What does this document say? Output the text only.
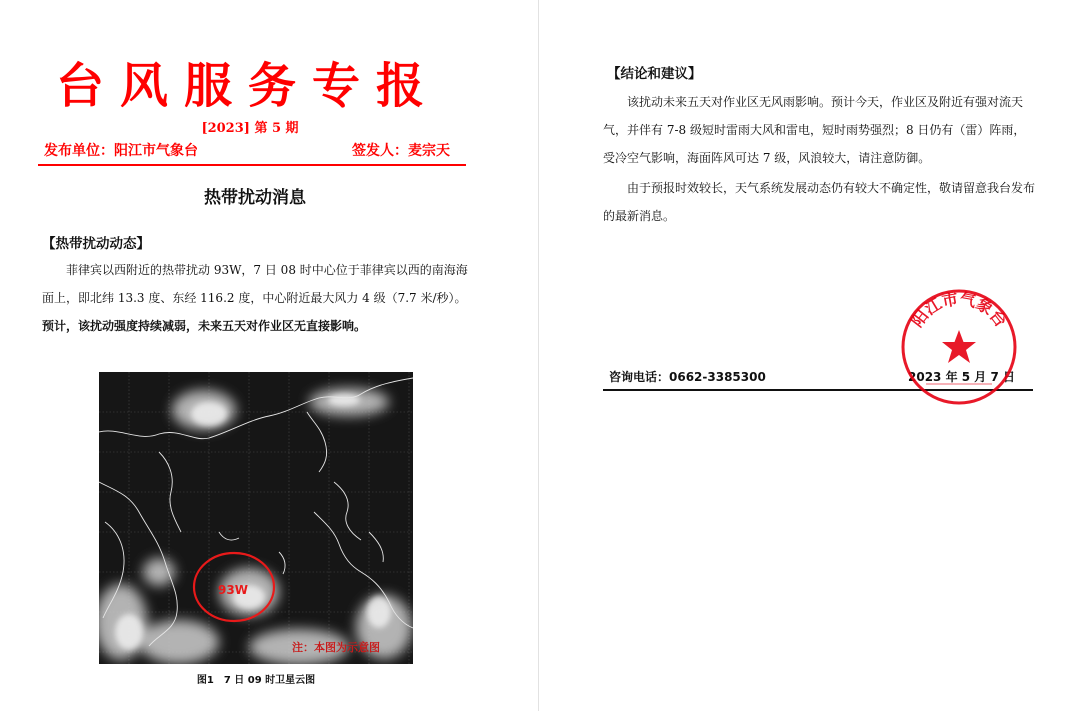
台风服务专报
[2023] 第 5 期
发布单位：阳江市气象台	签发人：麦宗天
热带扰动消息
【热带扰动动态】
菲律宾以西附近的热带扰动 93W，7 日 08 时中心位于菲律宾以西的南海海面上，即北纬 13.3 度、东经 116.2 度，中心附近最大风力 4 级（7.7 米/秒）。预计，该扰动强度持续减弱，未来五天对作业区无直接影响。
93W
注：本图为示意图
图1　7 日 09 时卫星云图
【结论和建议】
该扰动未来五天对作业区无风雨影响。预计今天，作业区及附近有强对流天气，并伴有 7-8 级短时雷雨大风和雷电，短时雨势强烈；8 日仍有（雷）阵雨，受冷空气影响，海面阵风可达 7 级，风浪较大，请注意防御。
由于预报时效较长，天气系统发展动态仍有较大不确定性，敬请留意我台发布的最新消息。
咨询电话：0662-3385300	2023 年 5 月 7 日
阳江市气象台
